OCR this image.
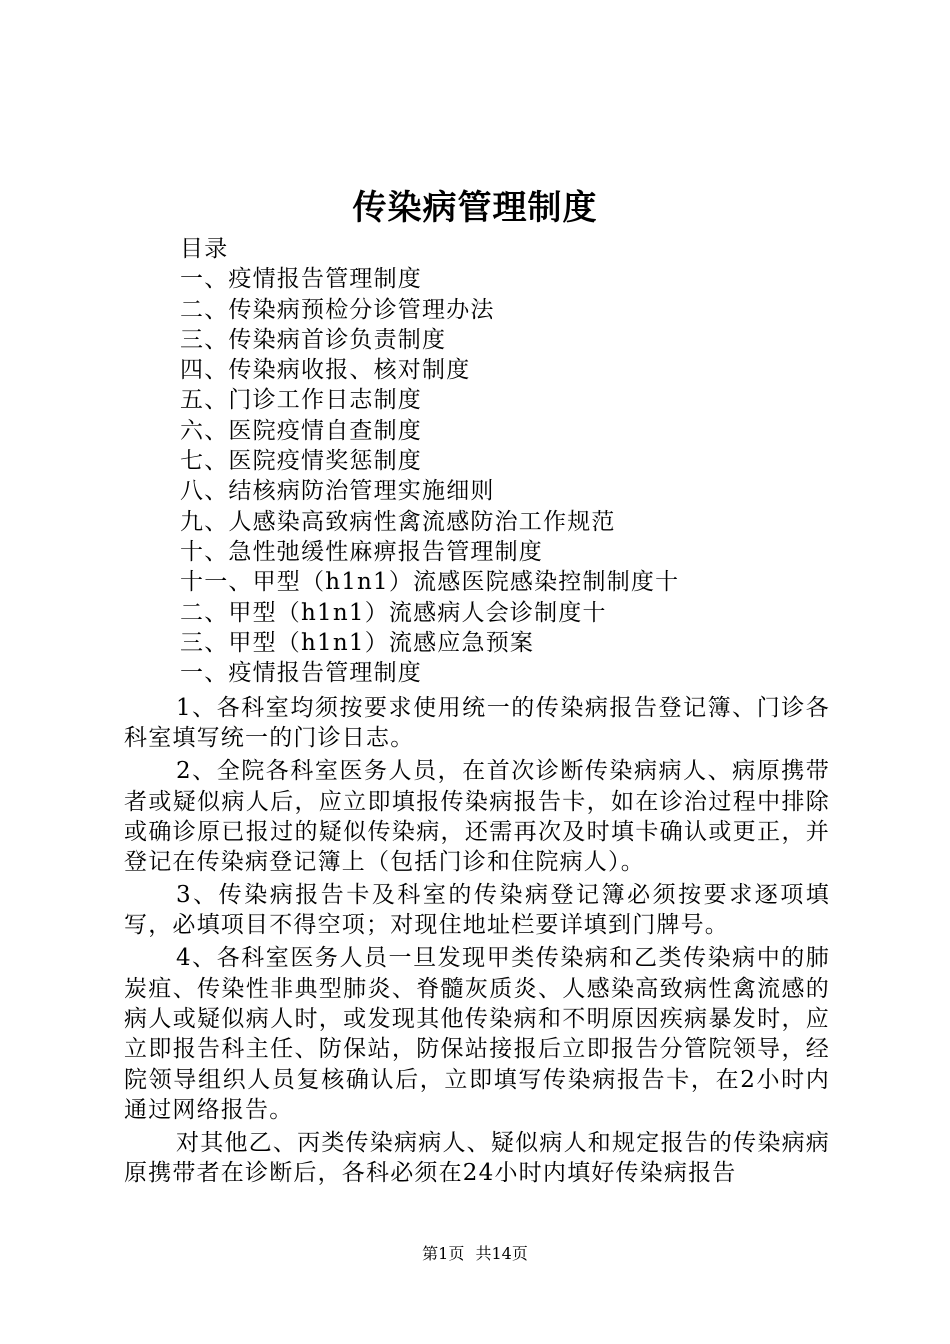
传染病管理制度
目录
一、疫情报告管理制度
二、传染病预检分诊管理办法
三、传染病首诊负责制度
四、传染病收报、核对制度
五、门诊工作日志制度
六、医院疫情自查制度
七、医院疫情奖惩制度
八、结核病防治管理实施细则
九、人感染高致病性禽流感防治工作规范
十、急性弛缓性麻痹报告管理制度
十一、甲型（h1n1）流感医院感染控制制度十
二、甲型（h1n1）流感病人会诊制度十
三、甲型（h1n1）流感应急预案
一、疫情报告管理制度

1、各科室均须按要求使用统一的传染病报告登记簿、门诊各科室填写统一的门诊日志。

2、全院各科室医务人员，在首次诊断传染病病人、病原携带者或疑似病人后，应立即填报传染病报告卡，如在诊治过程中排除或确诊原已报过的疑似传染病，还需再次及时填卡确认或更正，并登记在传染病登记簿上（包括门诊和住院病人）。

3、传染病报告卡及科室的传染病登记簿必须按要求逐项填写，必填项目不得空项；对现住地址栏要详填到门牌号。

4、各科室医务人员一旦发现甲类传染病和乙类传染病中的肺炭疽、传染性非典型肺炎、脊髓灰质炎、人感染高致病性禽流感的病人或疑似病人时，或发现其他传染病和不明原因疾病暴发时，应立即报告科主任、防保站，防保站接报后立即报告分管院领导，经院领导组织人员复核确认后，立即填写传染病报告卡，在2小时内通过网络报告。

对其他乙、丙类传染病病人、疑似病人和规定报告的传染病病原携带者在诊断后，各科必须在24小时内填好传染病报告

第1页 共14页
